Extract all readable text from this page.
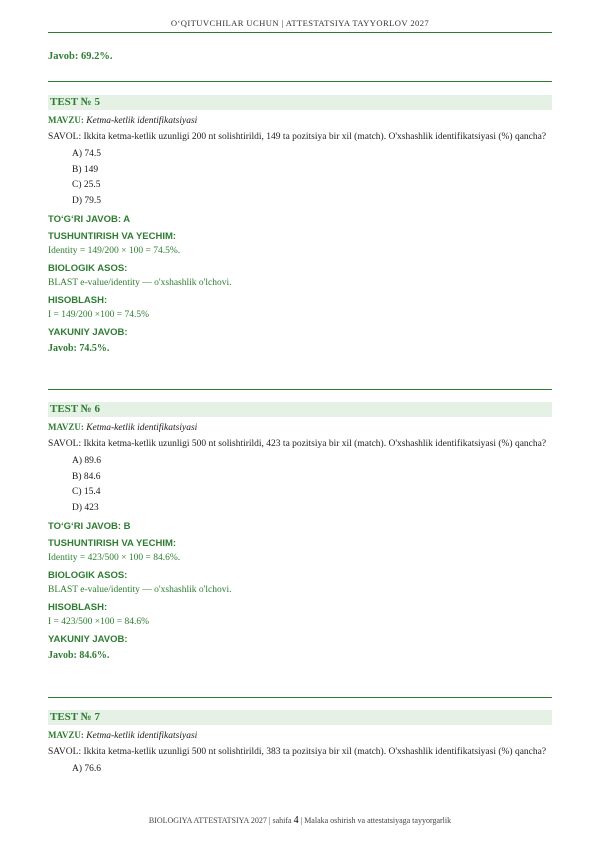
O‘QITUVCHILAR UCHUN | ATTESTATSIYA TAYYORLOV 2027
Javob: 69.2%.
TEST № 5
MAVZU: Ketma-ketlik identifikatsiyasi
SAVOL: Ikkita ketma-ketlik uzunligi 200 nt solishtirildi, 149 ta pozitsiya bir xil (match). O'xshashlik identifikatsiyasi (%) qancha?
A) 74.5
B) 149
C) 25.5
D) 79.5
TO‘G‘RI JAVOB: A
TUSHUNTIRISH VA YECHIM:
Identity = 149/200 × 100 = 74.5%.
BIOLOGIK ASOS:
BLAST e-value/identity — o'xshashlik o'lchovi.
HISOBLASH:
I = 149/200 ×100 = 74.5%
YAKUNIY JAVOB:
Javob: 74.5%.
TEST № 6
MAVZU: Ketma-ketlik identifikatsiyasi
SAVOL: Ikkita ketma-ketlik uzunligi 500 nt solishtirildi, 423 ta pozitsiya bir xil (match). O'xshashlik identifikatsiyasi (%) qancha?
A) 89.6
B) 84.6
C) 15.4
D) 423
TO‘G‘RI JAVOB: B
TUSHUNTIRISH VA YECHIM:
Identity = 423/500 × 100 = 84.6%.
BIOLOGIK ASOS:
BLAST e-value/identity — o'xshashlik o'lchovi.
HISOBLASH:
I = 423/500 ×100 = 84.6%
YAKUNIY JAVOB:
Javob: 84.6%.
TEST № 7
MAVZU: Ketma-ketlik identifikatsiyasi
SAVOL: Ikkita ketma-ketlik uzunligi 500 nt solishtirildi, 383 ta pozitsiya bir xil (match). O'xshashlik identifikatsiyasi (%) qancha?
A) 76.6
BIOLOGIYA ATTESTATSIYA 2027 | sahifa 4 | Malaka oshirish va attestatsiyaga tayyorgarlik
